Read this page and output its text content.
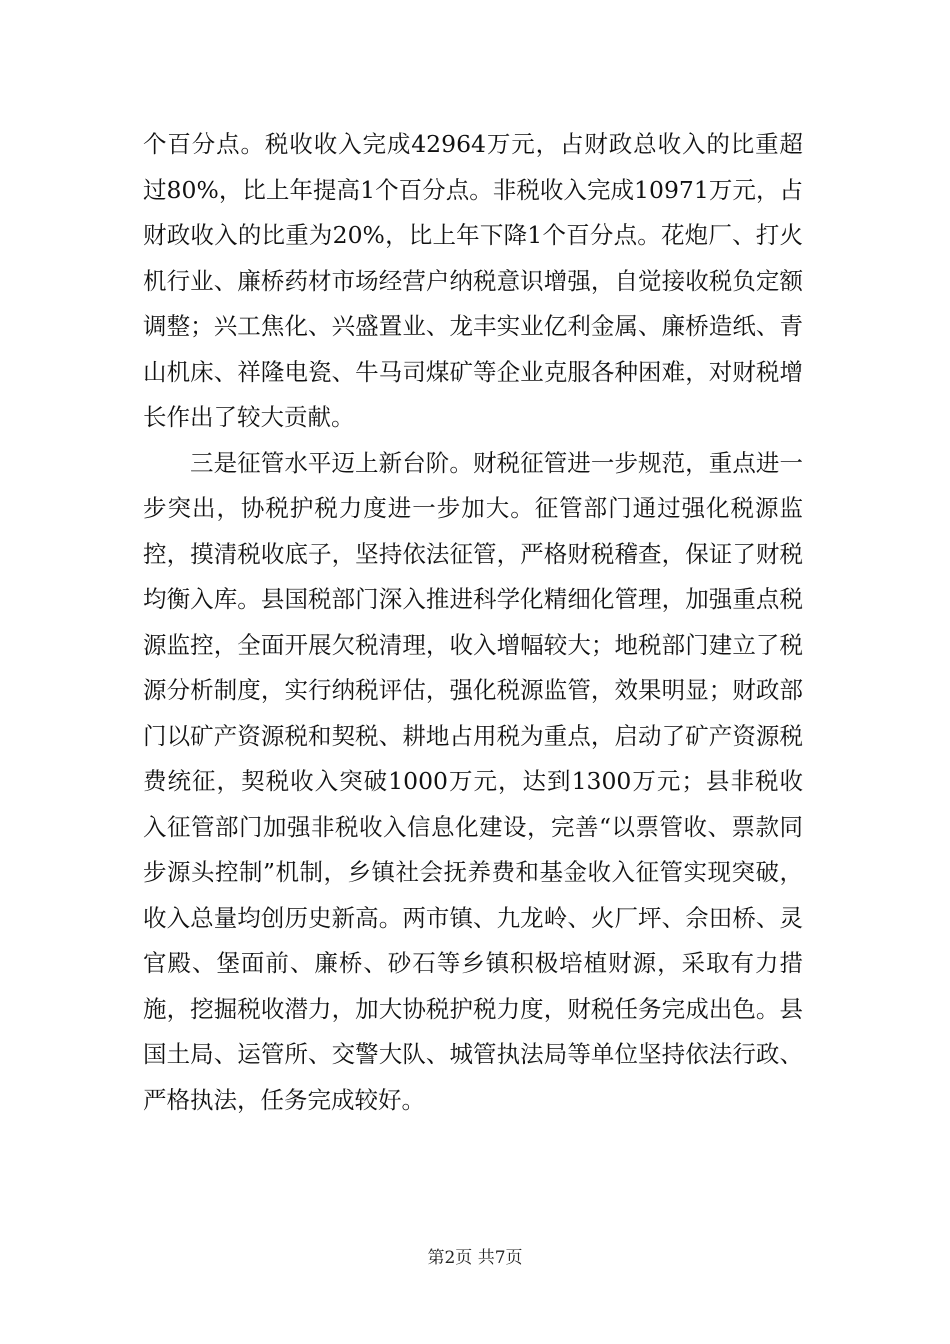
个百分点。税收收入完成42964万元，占财政总收入的比重超过80%，比上年提高1个百分点。非税收入完成10971万元，占财政收入的比重为20%，比上年下降1个百分点。花炮厂、打火机行业、廉桥药材市场经营户纳税意识增强，自觉接收税负定额调整；兴工焦化、兴盛置业、龙丰实业亿利金属、廉桥造纸、青山机床、祥隆电瓷、牛马司煤矿等企业克服各种困难，对财税增长作出了较大贡献。

三是征管水平迈上新台阶。财税征管进一步规范，重点进一步突出，协税护税力度进一步加大。征管部门通过强化税源监控，摸清税收底子，坚持依法征管，严格财税稽查，保证了财税均衡入库。县国税部门深入推进科学化精细化管理，加强重点税源监控，全面开展欠税清理，收入增幅较大；地税部门建立了税源分析制度，实行纳税评估，强化税源监管，效果明显；财政部门以矿产资源税和契税、耕地占用税为重点，启动了矿产资源税费统征，契税收入突破1000万元，达到1300万元；县非税收入征管部门加强非税收入信息化建设，完善“以票管收、票款同步源头控制”机制，乡镇社会抚养费和基金收入征管实现突破，收入总量均创历史新高。两市镇、九龙岭、火厂坪、佘田桥、灵官殿、堡面前、廉桥、砂石等乡镇积极培植财源，采取有力措施，挖掘税收潜力，加大协税护税力度，财税任务完成出色。县国土局、运管所、交警大队、城管执法局等单位坚持依法行政、严格执法，任务完成较好。

第2页 共7页
